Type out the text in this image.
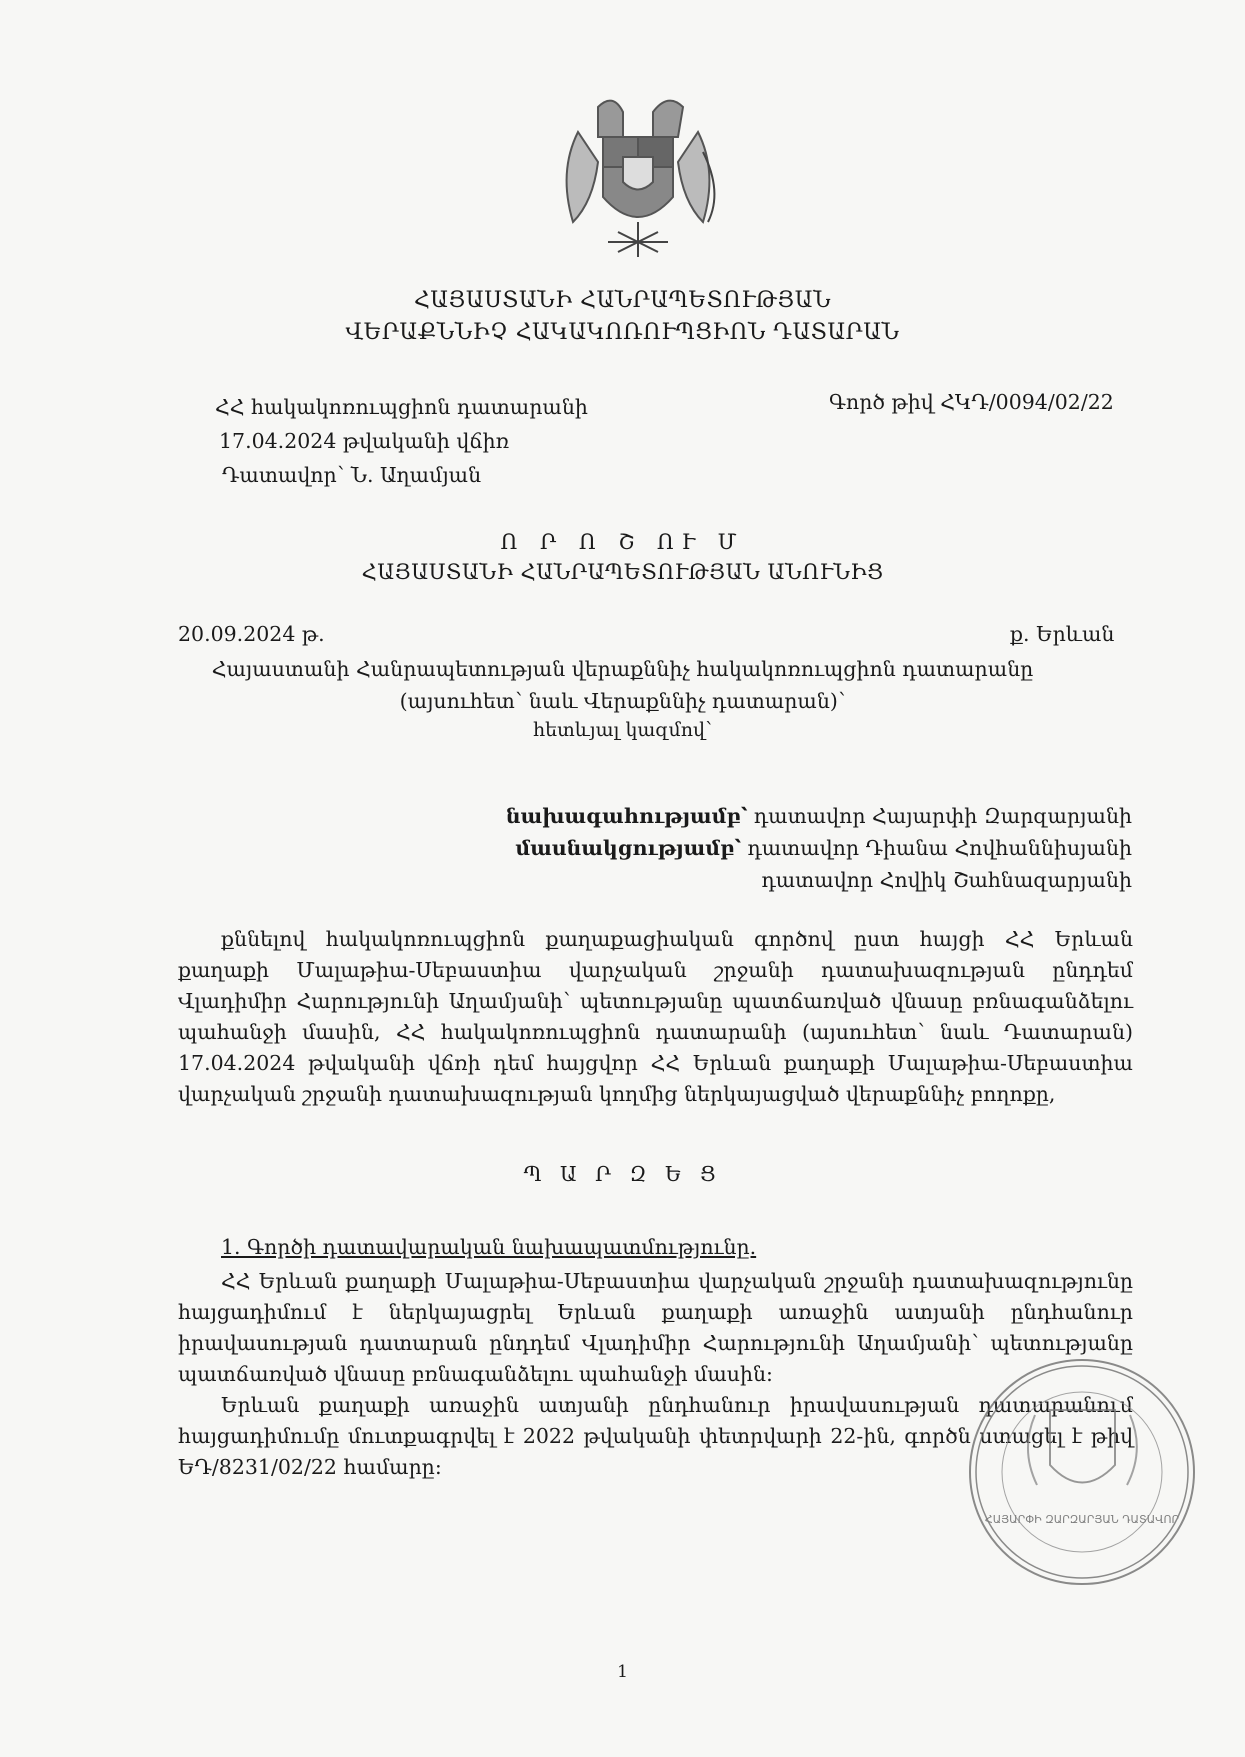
ՀԱՅԱՍՏԱՆԻ ՀԱՆՐԱՊԵՏՈՒԹՅԱՆ
ՎԵՐԱՔՆՆԻՉ ՀԱԿԱԿՈՌՈՒՊՑԻՈՆ ԴԱՏԱՐԱՆ
ՀՀ հակակոռուպցիոն դատարանի
17.04.2024 թվականի վճիռ
Դատավոր՝ Ն. Աղամյան
Գործ թիվ ՀԿԴ/0094/02/22
Ո Ր Ո Շ ՈՒ Մ
ՀԱՅԱՍՏԱՆԻ ՀԱՆՐԱՊԵՏՈՒԹՅԱՆ ԱՆՈՒՆԻՑ
20.09.2024 թ.	ք. Երևան
Հայաստանի Հանրապետության վերաքննիչ հակակոռուպցիոն դատարանը
(այսուհետ՝ նաև Վերաքննիչ դատարան)՝
հետևյալ կազմով՝
նախագահությամբ՝ դատավոր Հայարփի Զարզարյանի
մասնակցությամբ՝ դատավոր Դիանա Հովհաննիսյանի
դատավոր Հովիկ Շահնազարյանի
քննելով հակակոռուպցիոն քաղաքացիական գործով ըստ հայցի ՀՀ Երևան քաղաքի Մալաթիա-Սեբաստիա վարչական շրջանի դատախազության ընդդեմ Վլադիմիր Հարությունի Աղամյանի՝ պետությանը պատճառված վնասը բռնագանձելու պահանջի մասին, ՀՀ հակակոռուպցիոն դատարանի (այսուհետ՝ նաև Դատարան) 17.04.2024 թվականի վճռի դեմ հայցվոր ՀՀ Երևան քաղաքի Մալաթիա-Սեբաստիա վարչական շրջանի դատախազության կողմից ներկայացված վերաքննիչ բողոքը,
Պ Ա Ր Զ Ե Ց
1. Գործի դատավարական նախապատմությունը.
ՀՀ Երևան քաղաքի Մալաթիա-Սեբաստիա վարչական շրջանի դատախազությունը հայցադիմում է ներկայացրել Երևան քաղաքի առաջին ատյանի ընդհանուր իրավասության դատարան ընդդեմ Վլադիմիր Հարությունի Աղամյանի՝ պետությանը պատճառված վնասը բռնագանձելու պահանջի մասին:
Երևան քաղաքի առաջին ատյանի ընդհանուր իրավասության դատարանում հայցադիմումը մուտքագրվել է 2022 թվականի փետրվարի 22-ին, գործն ստացել է թիվ ԵԴ/8231/02/22 համարը:
ՀԱՅԱՐՓԻ ԶԱՐԶԱՐՅԱՆ ԴԱՏԱՎՈՐ
1
